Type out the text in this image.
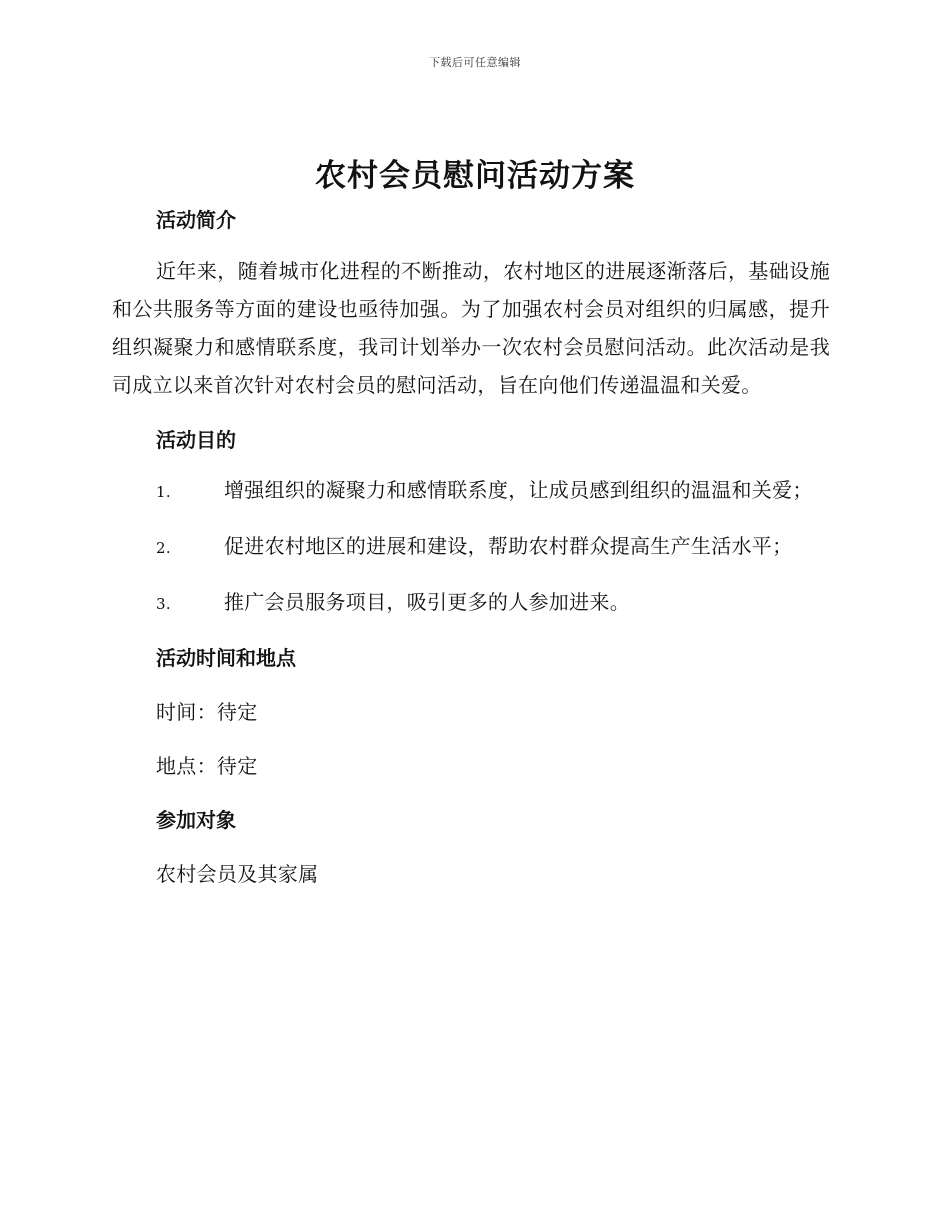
下载后可任意编辑
农村会员慰问活动方案
活动简介

近年来，随着城市化进程的不断推动，农村地区的进展逐渐落后，基础设施和公共服务等方面的建设也亟待加强。为了加强农村会员对组织的归属感，提升组织凝聚力和感情联系度，我司计划举办一次农村会员慰问活动。此次活动是我司成立以来首次针对农村会员的慰问活动，旨在向他们传递温温和关爱。

活动目的

1.	增强组织的凝聚力和感情联系度，让成员感到组织的温温和关爱；

2.	促进农村地区的进展和建设，帮助农村群众提高生产生活水平；

3.	推广会员服务项目，吸引更多的人参加进来。

活动时间和地点

时间：待定

地点：待定

参加对象

农村会员及其家属
